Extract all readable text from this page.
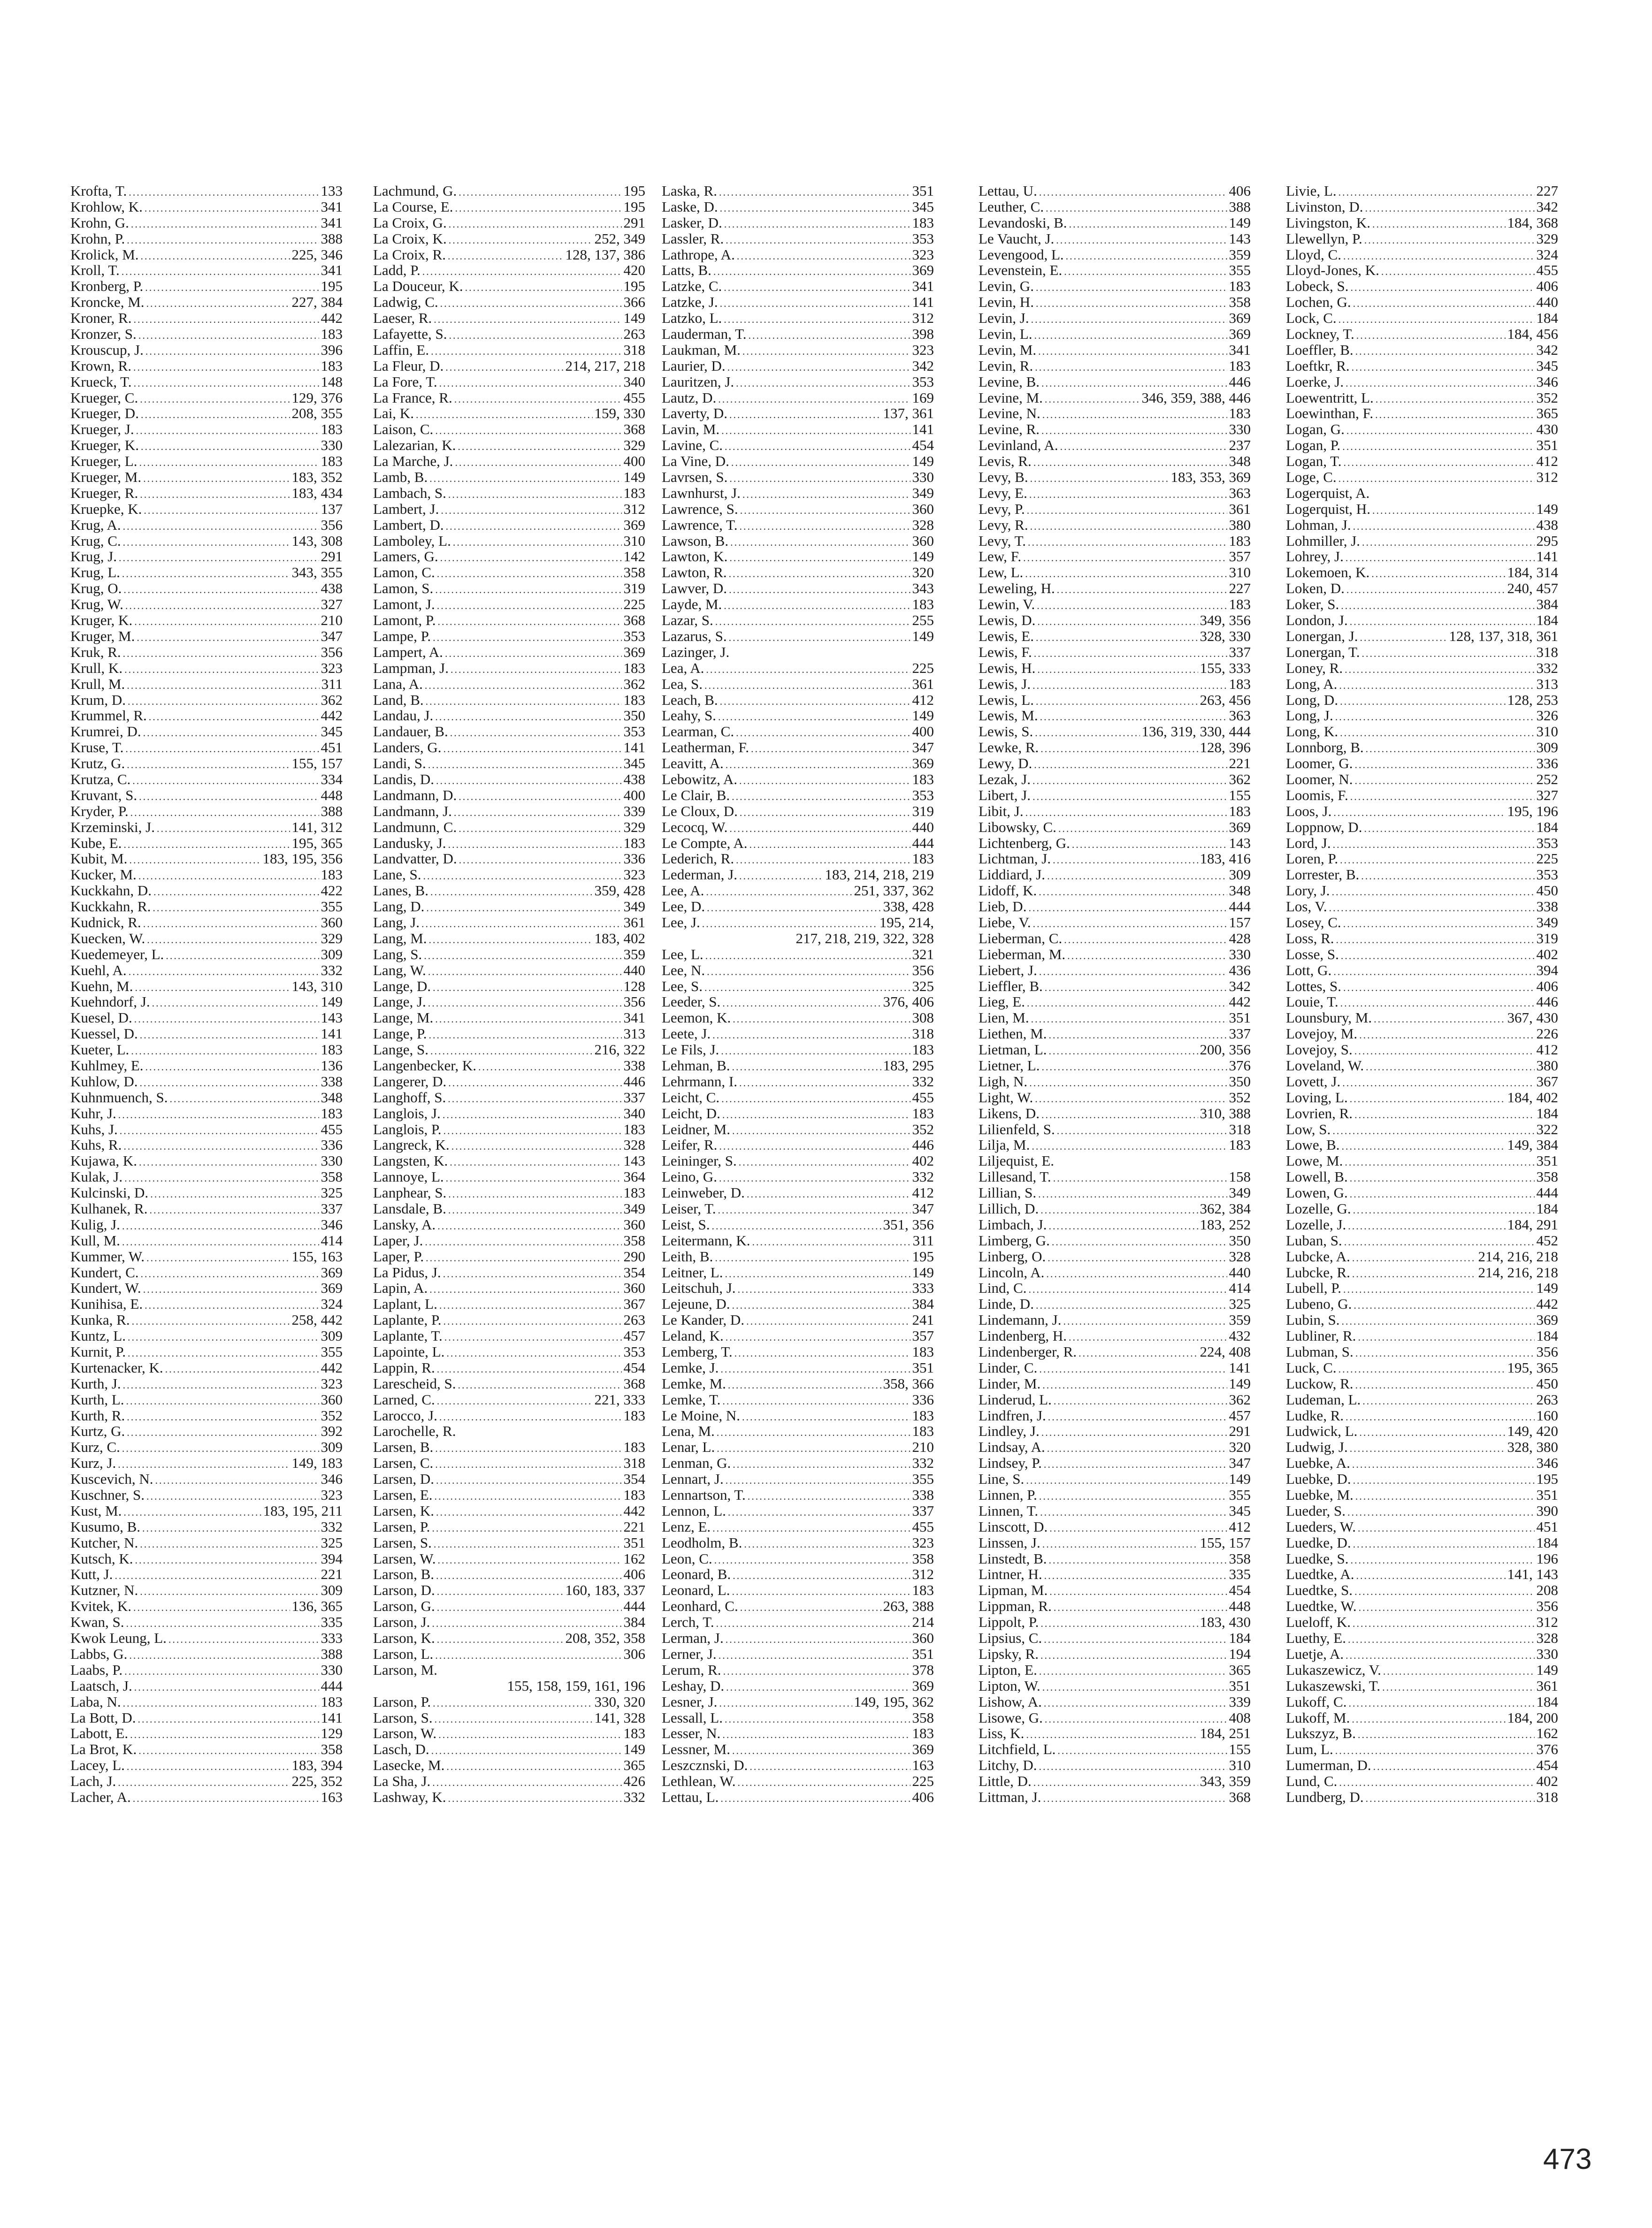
Krofta, T. .....	133
Krohlow, K. .....	341
Krohn, G. .....	341
Krohn, P. .....	388
Krolick, M. .....	225, 346
Kroll, T. .....	341
Kronberg, P. .....	195
Kroncke, M. .....	227, 384
Kroner, R. .....	442
Kronzer, S. .....	183
Krouscup, J. .....	396
Krown, R. .....	183
Krueck, T. .....	148
Krueger, C. .....	129, 376
Krueger, D. .....	208, 355
Krueger, J. .....	183
Krueger, K. .....	330
Krueger, L. .....	183
Krueger, M. .....	183, 352
Krueger, R. .....	183, 434
Kruepke, K. .....	137
Krug, A. .....	356
Krug, C. .....	143, 308
Krug, J. .....	291
Krug, L. .....	343, 355
Krug, O. .....	438
Krug, W. .....	327
Kruger, K. .....	210
Kruger, M. .....	347
Kruk, R. .....	356
Krull, K. .....	323
Krull, M. .....	311
Krum, D. .....	362
Krummel, R. .....	442
Krumrei, D. .....	345
Kruse, T. .....	451
Krutz, G. .....	155, 157
Krutza, C. .....	334
Kruvant, S. .....	448
Kryder, P. .....	388
Krzeminski, J. .....	141, 312
Kube, E. .....	195, 365
Kubit, M. .....	183, 195, 356
Kucker, M. .....	183
Kuckkahn, D. .....	422
Kuckkahn, R. .....	355
Kudnick, R. .....	360
Kuecken, W. .....	329
Kuedemeyer, L. .....	309
Kuehl, A. .....	332
Kuehn, M. .....	143, 310
Kuehndorf, J. .....	149
Kuesel, D. .....	143
Kuessel, D. .....	141
Kueter, L. .....	183
Kuhlmey, E. .....	136
Kuhlow, D. .....	338
Kuhnmuench, S. .....	348
Kuhr, J. .....	183
Kuhs, J. .....	455
Kuhs, R. .....	336
Kujawa, K. .....	330
Kulak, J. .....	358
Kulcinski, D. .....	325
Kulhanek, R. .....	337
Kulig, J. .....	346
Kull, M. .....	414
Kummer, W. .....	155, 163
Kundert, C. .....	369
Kundert, W. .....	369
Kunihisa, E. .....	324
Kunka, R. .....	258, 442
Kuntz, L. .....	309
Kurnit, P. .....	355
Kurtenacker, K. .....	442
Kurth, J. .....	323
Kurth, L. .....	360
Kurth, R. .....	352
Kurtz, G. .....	392
Kurz, C. .....	309
Kurz, J. .....	149, 183
Kuscevich, N. .....	346
Kuschner, S. .....	323
Kust, M. .....	183, 195, 211
Kusumo, B. .....	332
Kutcher, N. .....	325
Kutsch, K. .....	394
Kutt, J. .....	221
Kutzner, N. .....	309
Kvitek, K. .....	136, 365
Kwan, S. .....	335
Kwok Leung, L. .....	333
Labbs, G. .....	388
Laabs, P. .....	330
Laatsch, J. .....	444
Laba, N. .....	183
La Bott, D. .....	141
Labott, E. .....	129
La Brot, K. .....	358
Lacey, L. .....	183, 394
Lach, J. .....	225, 352
Lacher, A. .....	163
Lachmund, G. .....	195
La Course, E. .....	195
La Croix, G. .....	291
La Croix, K. .....	252, 349
La Croix, R. .....	128, 137, 386
Ladd, P. .....	420
La Douceur, K. .....	195
Ladwig, C. .....	366
Laeser, R. .....	149
Lafayette, S. .....	263
Laffin, E. .....	318
La Fleur, D. .....	214, 217, 218
La Fore, T. .....	340
La France, R. .....	455
Lai, K. .....	159, 330
Laison, C. .....	368
Lalezarian, K. .....	329
La Marche, J. .....	400
Lamb, B. .....	149
Lambach, S. .....	183
Lambert, J. .....	312
Lambert, D. .....	369
Lamboley, L. .....	310
Lamers, G. .....	142
Lamon, C. .....	358
Lamon, S. .....	319
Lamont, J. .....	225
Lamont, P. .....	368
Lampe, P. .....	353
Lampert, A. .....	369
Lampman, J. .....	183
Lana, A. .....	362
Land, B. .....	183
Landau, J. .....	350
Landauer, B. .....	353
Landers, G. .....	141
Landi, S. .....	345
Landis, D. .....	438
Landmann, D. .....	400
Landmann, J. .....	339
Landmunn, C. .....	329
Landusky, J. .....	183
Landvatter, D. .....	336
Lane, S. .....	323
Lanes, B. .....	359, 428
Lang, D. .....	349
Lang, J. .....	361
Lang, M. .....	183, 402
Lang, S. .....	359
Lang, W. .....	440
Lange, D. .....	128
Lange, J. .....	356
Lange, M. .....	341
Lange, P. .....	313
Lange, S. .....	216, 322
Langenbecker, K. .....	338
Langerer, D. .....	446
Langhoff, S. .....	337
Langlois, J. .....	340
Langlois, P. .....	183
Langreck, K. .....	328
Langsten, K. .....	143
Lannoye, L. .....	364
Lanphear, S. .....	183
Lansdale, B. .....	349
Lansky, A. .....	360
Laper, J. .....	358
Laper, P. .....	290
La Pidus, J. .....	354
Lapin, A. .....	360
Laplant, L. .....	367
Laplante, P. .....	263
Laplante, T. .....	457
Lapointe, L. .....	353
Lappin, R. .....	454
Larescheid, S. .....	368
Larned, C. .....	221, 333
Larocco, J. .....	183
Larochelle, R.
Larsen, B. .....	183
Larsen, C. .....	318
Larsen, D. .....	354
Larsen, E. .....	183
Larsen, K. .....	442
Larsen, P. .....	221
Larsen, S. .....	351
Larsen, W. .....	162
Larson, B. .....	406
Larson, D. .....	160, 183, 337
Larson, G. .....	444
Larson, J. .....	384
Larson, K. .....	208, 352, 358
Larson, L. .....	306
Larson, M.
155, 158, 159, 161, 196
Larson, P. .....	330, 320
Larson, S. .....	141, 328
Larson, W. .....	183
Lasch, D. .....	149
Lasecke, M. .....	365
La Sha, J. .....	426
Lashway, K. .....	332
Laska, R. .....	351
Laske, D. .....	345
Lasker, D. .....	183
Lassler, R. .....	353
Lathrope, A. .....	323
Latts, B. .....	369
Latzke, C. .....	341
Latzke, J. .....	141
Latzko, L. .....	312
Lauderman, T. .....	398
Laukman, M. .....	323
Laurier, D. .....	342
Lauritzen, J. .....	353
Lautz, D. .....	169
Laverty, D. .....	137, 361
Lavin, M. .....	141
Lavine, C. .....	454
La Vine, D. .....	149
Lavrsen, S. .....	330
Lawnhurst, J. .....	349
Lawrence, S. .....	360
Lawrence, T. .....	328
Lawson, B. .....	360
Lawton, K. .....	149
Lawton, R. .....	320
Lawver, D. .....	343
Layde, M. .....	183
Lazar, S. .....	255
Lazarus, S. .....	149
Lazinger, J.
Lea, A. .....	225
Lea, S. .....	361
Leach, B. .....	412
Leahy, S. .....	149
Learman, C. .....	400
Leatherman, F. .....	347
Leavitt, A. .....	369
Lebowitz, A. .....	183
Le Clair, B. .....	353
Le Cloux, D. .....	319
Lecocq, W. .....	440
Le Compte, A. .....	444
Lederich, R. .....	183
Lederman, J. .....	183, 214, 218, 219
Lee, A. .....	251, 337, 362
Lee, D. .....	338, 428
Lee, J. .....	195, 214,
217, 218, 219, 322, 328
Lee, L. .....	321
Lee, N. .....	356
Lee, S. .....	325
Leeder, S. .....	376, 406
Leemon, K. .....	308
Leete, J. .....	318
Le Fils, J. .....	183
Lehman, B. .....	183, 295
Lehrmann, I. .....	332
Leicht, C. .....	455
Leicht, D. .....	183
Leidner, M. .....	352
Leifer, R. .....	446
Leininger, S. .....	402
Leino, G. .....	332
Leinweber, D. .....	412
Leiser, T. .....	347
Leist, S. .....	351, 356
Leitermann, K. .....	311
Leith, B. .....	195
Leitner, L. .....	149
Leitschuh, J. .....	333
Lejeune, D. .....	384
Le Kander, D. .....	241
Leland, K. .....	357
Lemberg, T. .....	183
Lemke, J. .....	351
Lemke, M. .....	358, 366
Lemke, T. .....	336
Le Moine, N. .....	183
Lena, M. .....	183
Lenar, L. .....	210
Lenman, G. .....	332
Lennart, J. .....	355
Lennartson, T. .....	338
Lennon, L. .....	337
Lenz, E. .....	455
Leodholm, B. .....	323
Leon, C. .....	358
Leonard, B. .....	312
Leonard, L. .....	183
Leonhard, C. .....	263, 388
Lerch, T. .....	214
Lerman, J. .....	360
Lerner, J. .....	351
Lerum, R. .....	378
Leshay, D. .....	369
Lesner, J. .....	149, 195, 362
Lessall, L. .....	358
Lesser, N. .....	183
Lessner, M. .....	369
Leszcznski, D. .....	163
Lethlean, W. .....	225
Lettau, L. .....	406
Lettau, U. .....	406
Leuther, C. .....	388
Levandoski, B. .....	149
Le Vaucht, J. .....	143
Levengood, L. .....	359
Levenstein, E. .....	355
Levin, G. .....	183
Levin, H. .....	358
Levin, J. .....	369
Levin, L. .....	369
Levin, M. .....	341
Levin, R. .....	183
Levine, B. .....	446
Levine, M. .....	346, 359, 388, 446
Levine, N. .....	183
Levine, R. .....	330
Levinland, A. .....	237
Levis, R. .....	348
Levy, B. .....	183, 353, 369
Levy, E. .....	363
Levy, P. .....	361
Levy, R. .....	380
Levy, T. .....	183
Lew, F. .....	357
Lew, L. .....	310
Leweling, H. .....	227
Lewin, V. .....	183
Lewis, D. .....	349, 356
Lewis, E. .....	328, 330
Lewis, F. .....	337
Lewis, H. .....	155, 333
Lewis, J. .....	183
Lewis, L. .....	263, 456
Lewis, M. .....	363
Lewis, S. .....	136, 319, 330, 444
Lewke, R. .....	128, 396
Lewy, D. .....	221
Lezak, J. .....	362
Libert, J. .....	155
Libit, J. .....	183
Libowsky, C. .....	369
Lichtenberg, G. .....	143
Lichtman, J. .....	183, 416
Liddiard, J. .....	309
Lidoff, K. .....	348
Lieb, D. .....	444
Liebe, V. .....	157
Lieberman, C. .....	428
Lieberman, M. .....	330
Liebert, J. .....	436
Lieffler, B. .....	342
Lieg, E. .....	442
Lien, M. .....	351
Liethen, M. .....	337
Lietman, L. .....	200, 356
Lietner, L. .....	376
Ligh, N. .....	350
Light, W. .....	352
Likens, D. .....	310, 388
Lilienfeld, S. .....	318
Lilja, M. .....	183
Liljequist, E.
Lillesand, T. .....	158
Lillian, S. .....	349
Lillich, D. .....	362, 384
Limbach, J. .....	183, 252
Limberg, G. .....	350
Linberg, O. .....	328
Lincoln, A. .....	440
Lind, C. .....	414
Linde, D. .....	325
Lindemann, J. .....	359
Lindenberg, H. .....	432
Lindenberger, R. .....	224, 408
Linder, C. .....	141
Linder, M. .....	149
Linderud, L. .....	362
Lindfren, J. .....	457
Lindley, J. .....	291
Lindsay, A. .....	320
Lindsey, P. .....	347
Line, S. .....	149
Linnen, P. .....	355
Linnen, T. .....	345
Linscott, D. .....	412
Linssen, J. .....	155, 157
Linstedt, B. .....	358
Lintner, H. .....	335
Lipman, M. .....	454
Lippman, R. .....	448
Lippolt, P. .....	183, 430
Lipsius, C. .....	184
Lipsky, R. .....	194
Lipton, E. .....	365
Lipton, W. .....	351
Lishow, A. .....	339
Lisowe, G. .....	408
Liss, K. .....	184, 251
Litchfield, L. .....	155
Litchy, D. .....	310
Little, D. .....	343, 359
Littman, J. .....	368
Livie, L. .....	227
Livinston, D. .....	342
Livingston, K. .....	184, 368
Llewellyn, P. .....	329
Lloyd, C. .....	324
Lloyd-Jones, K. .....	455
Lobeck, S. .....	406
Lochen, G. .....	440
Lock, C. .....	184
Lockney, T. .....	184, 456
Loeffler, B. .....	342
Loeftkr, R. .....	345
Loerke, J. .....	346
Loewentritt, L. .....	352
Loewinthan, F. .....	365
Logan, G. .....	430
Logan, P. .....	351
Logan, T. .....	412
Loge, C. .....	312
Logerquist, A.
Logerquist, H. .....	149
Lohman, J. .....	438
Lohmiller, J. .....	295
Lohrey, J. .....	141
Lokemoen, K. .....	184, 314
Loken, D. .....	240, 457
Loker, S. .....	384
London, J. .....	184
Lonergan, J. .....	128, 137, 318, 361
Lonergan, T. .....	318
Loney, R. .....	332
Long, A. .....	313
Long, D. .....	128, 253
Long, J. .....	326
Long, K. .....	310
Lonnborg, B. .....	309
Loomer, G. .....	336
Loomer, N. .....	252
Loomis, F. .....	327
Loos, J. .....	195, 196
Loppnow, D. .....	184
Lord, J. .....	353
Loren, P. .....	225
Lorrester, B. .....	353
Lory, J. .....	450
Los, V. .....	338
Losey, C. .....	349
Loss, R. .....	319
Losse, S. .....	402
Lott, G. .....	394
Lottes, S. .....	406
Louie, T. .....	446
Lounsbury, M. .....	367, 430
Lovejoy, M. .....	226
Lovejoy, S. .....	412
Loveland, W. .....	380
Lovett, J. .....	367
Loving, L. .....	184, 402
Lovrien, R. .....	184
Low, S. .....	322
Lowe, B. .....	149, 384
Lowe, M. .....	351
Lowell, B. .....	358
Lowen, G. .....	444
Lozelle, G. .....	184
Lozelle, J. .....	184, 291
Luban, S. .....	452
Lubcke, A. .....	214, 216, 218
Lubcke, R. .....	214, 216, 218
Lubell, P. .....	149
Lubeno, G. .....	442
Lubin, S. .....	369
Lubliner, R. .....	184
Lubman, S. .....	356
Luck, C. .....	195, 365
Luckow, R. .....	450
Ludeman, L. .....	263
Ludke, R. .....	160
Ludwick, L. .....	149, 420
Ludwig, J. .....	328, 380
Luebke, A. .....	346
Luebke, D. .....	195
Luebke, M. .....	351
Lueder, S. .....	390
Lueders, W. .....	451
Luedke, D. .....	184
Luedke, S. .....	196
Luedtke, A. .....	141, 143
Luedtke, S. .....	208
Luedtke, W. .....	356
Lueloff, K. .....	312
Luethy, E. .....	328
Luetje, A. .....	330
Lukaszewicz, V. .....	149
Lukaszewski, T. .....	361
Lukoff, C. .....	184
Lukoff, M. .....	184, 200
Lukszyz, B. .....	162
Lum, L. .....	376
Lumerman, D. .....	454
Lund, C. .....	402
Lundberg, D. .....	318
473
